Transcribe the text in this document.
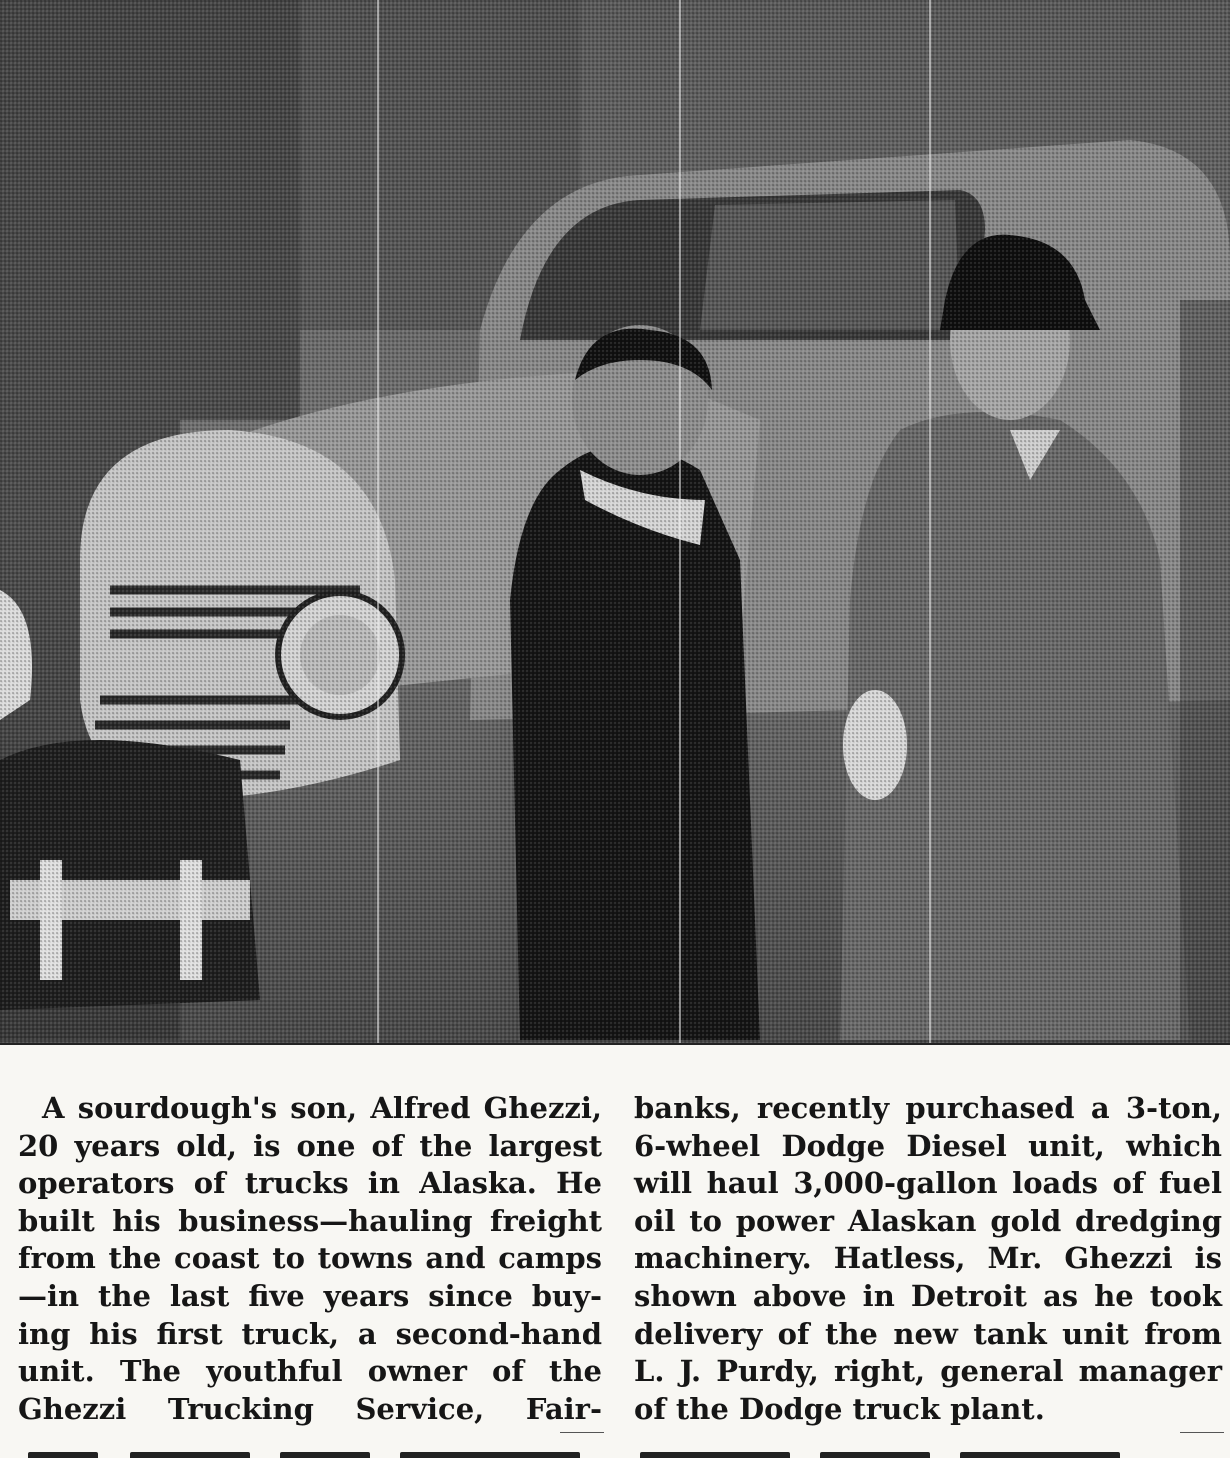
A sourdough's son, Alfred Ghezzi,
20 years old, is one of the largest
operators of trucks in Alaska. He
built his business—hauling freight
from the coast to towns and camps
—in the last five years since buy-
ing his first truck, a second-hand
unit. The youthful owner of the
Ghezzi Trucking Service, Fair-
banks, recently purchased a 3-ton,
6-wheel Dodge Diesel unit, which
will haul 3,000-gallon loads of fuel
oil to power Alaskan gold dredging
machinery. Hatless, Mr. Ghezzi is
shown above in Detroit as he took
delivery of the new tank unit from
L. J. Purdy, right, general manager
of the Dodge truck plant.
